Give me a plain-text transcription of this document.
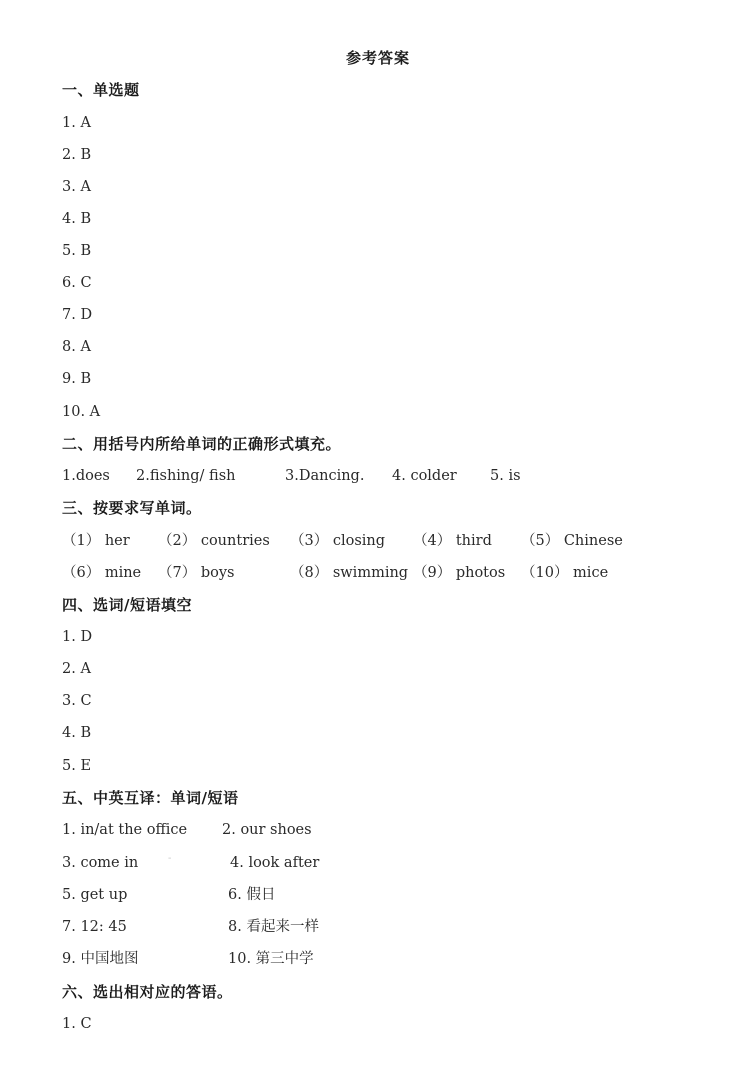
参考答案
一、单选题
1. A
2. B
3. A
4. B
5. B
6. C
7. D
8. A
9. B
10. A
二、用括号内所给单词的正确形式填充。
1.does 2.fishing/ fish	3.Dancing. 4. colder 5. is
三、按要求写单词。
（1） her （2） countries （3） closing （4） third （5） Chinese
（6） mine （7） boys	（8） swimming （9） photos （10） mice
四、选词/短语填空
1. D
2. A
3. C
4. B
5. E
五、中英互译：单词/短语
1. in/at the office 2. our shoes
3. come in	-	4. look after
5. get up	6. 假日
7. 12: 45	8. 看起来一样
9. 中国地图	10. 第三中学
六、选出相对应的答语。
1. C
